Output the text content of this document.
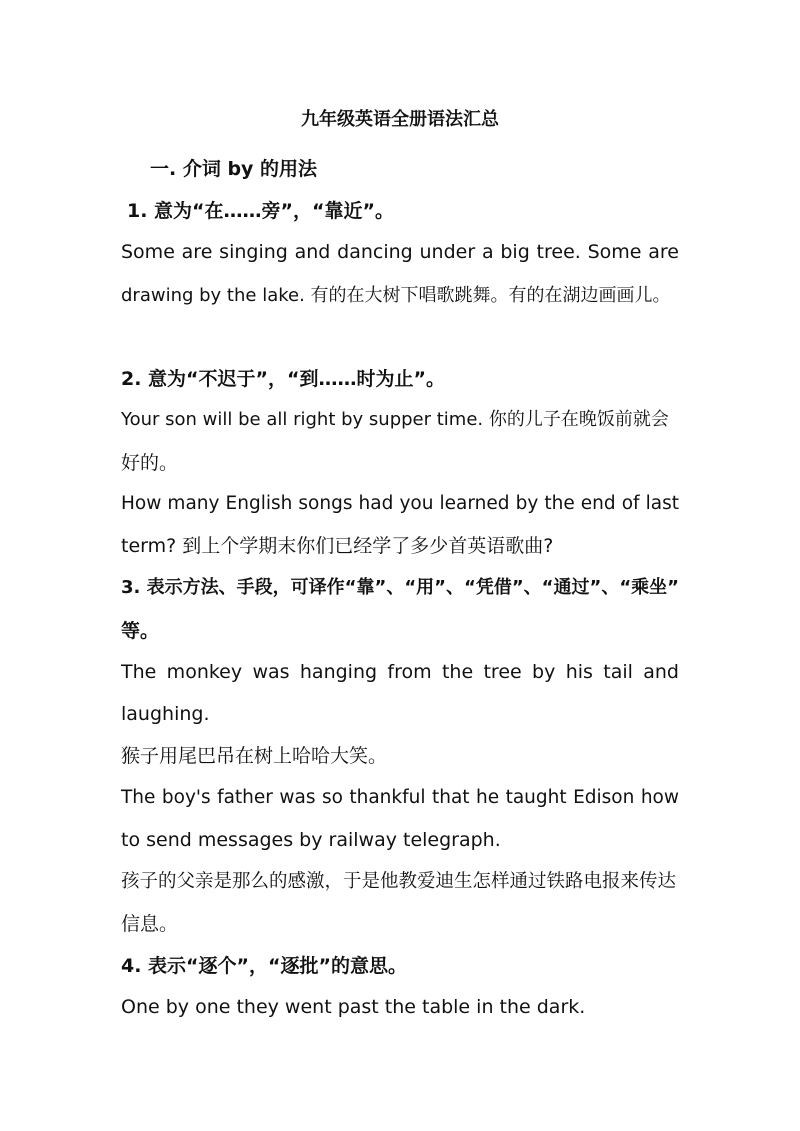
九年级英语全册语法汇总
一. 介词 by 的用法
1. 意为“在……旁”，“靠近”。
Some are singing and dancing under a big tree. Some are
drawing by the lake. 有的在大树下唱歌跳舞。有的在湖边画画儿。
2. 意为“不迟于”，“到……时为止”。
Your son will be all right by supper time. 你的儿子在晚饭前就会
好的。
How many English songs had you learned by the end of last
term? 到上个学期末你们已经学了多少首英语歌曲?
3. 表示方法、手段，可译作“靠”、“用”、“凭借”、“通过”、“乘坐”
等。
The monkey was hanging from the tree by his tail and
laughing.
猴子用尾巴吊在树上哈哈大笑。
The boy's father was so thankful that he taught Edison how
to send messages by railway telegraph.
孩子的父亲是那么的感激，于是他教爱迪生怎样通过铁路电报来传达
信息。
4. 表示“逐个”，“逐批”的意思。
One by one they went past the table in the dark.
